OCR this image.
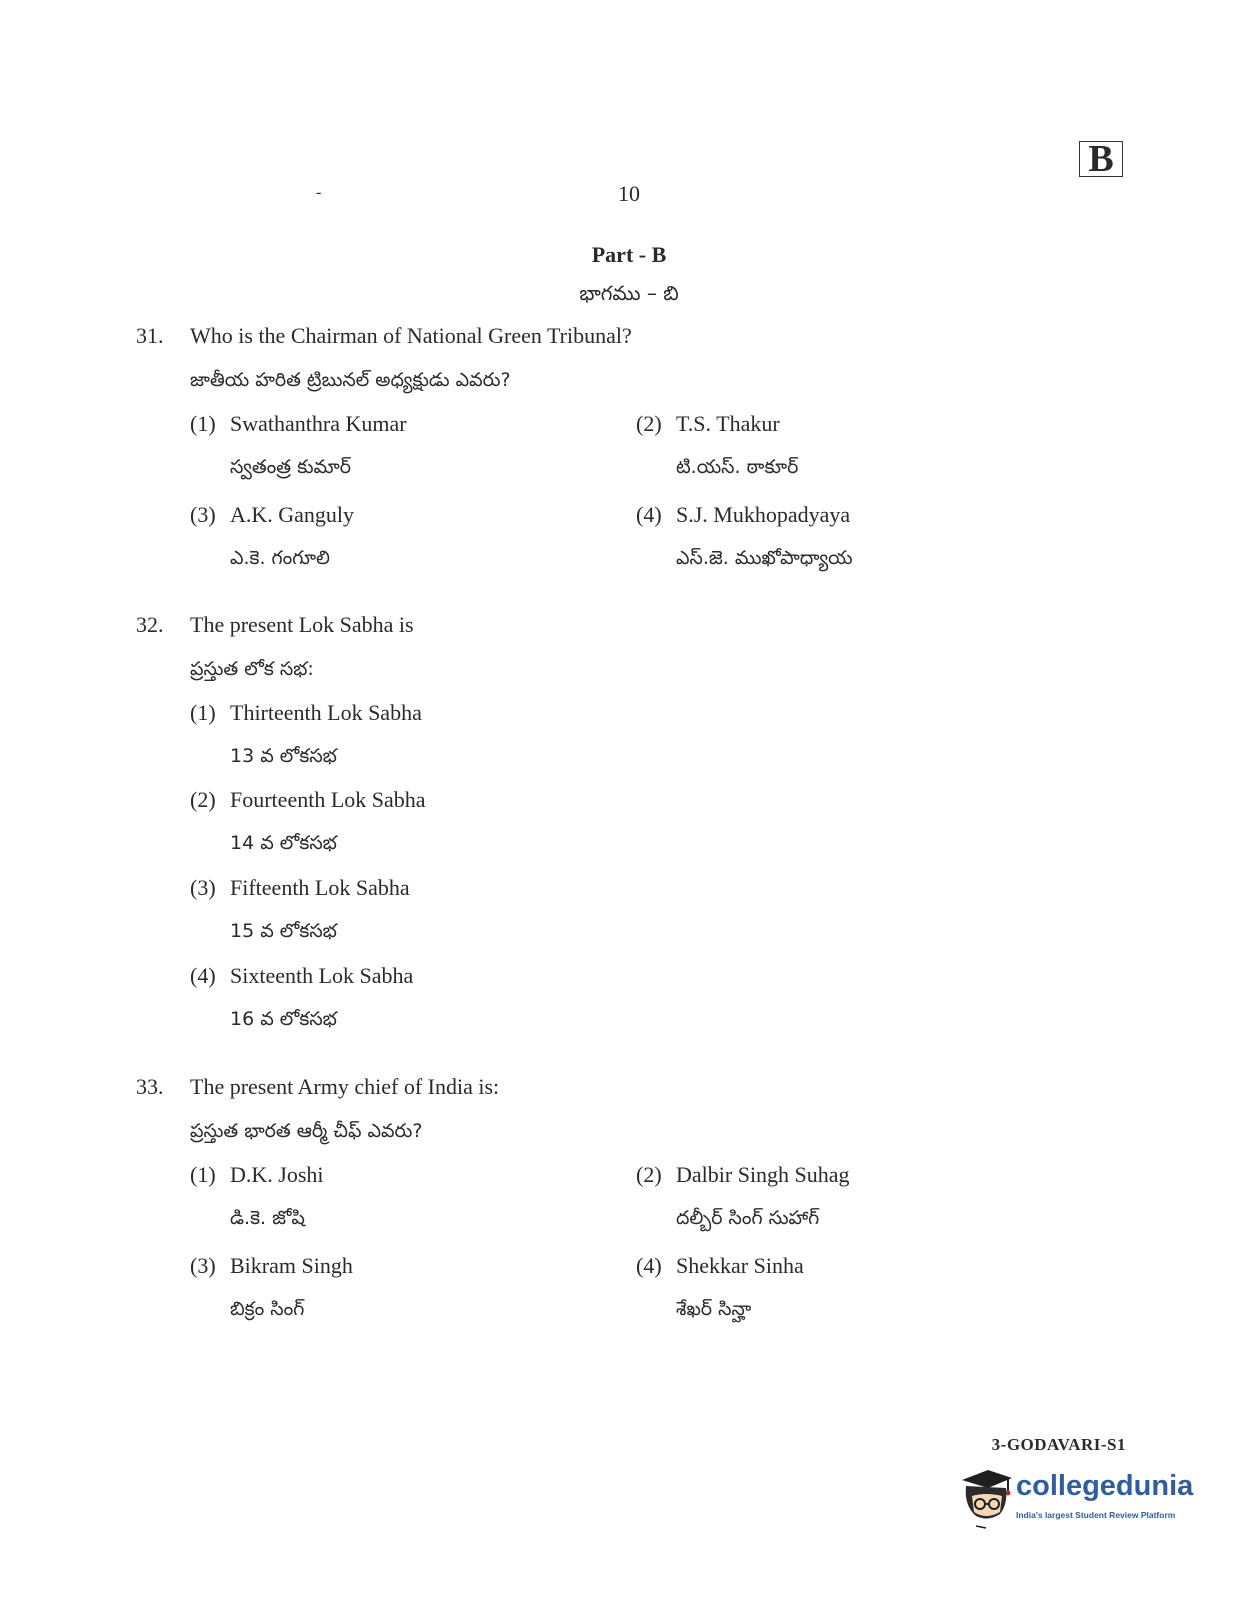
B
-	10
Part - B
భాగము – బి
31. Who is the Chairman of National Green Tribunal?
జాతీయ హరిత ట్రిబునల్ అధ్యక్షుడు ఎవరు?
(1) Swathanthra Kumar
స్వతంత్ర కుమార్
(2) T.S. Thakur
టి.యస్. ఠాకూర్
(3) A.K. Ganguly
ఎ.కె. గంగూలి
(4) S.J. Mukhopadyaya
ఎస్.జె. ముఖోపాధ్యాయ
32. The present Lok Sabha is
ప్రస్తుత లోక సభ:
(1) Thirteenth Lok Sabha
13 వ లోకసభ
(2) Fourteenth Lok Sabha
14 వ లోకసభ
(3) Fifteenth Lok Sabha
15 వ లోకసభ
(4) Sixteenth Lok Sabha
16 వ లోకసభ
33. The present Army chief of India is:
ప్రస్తుత భారత ఆర్మీ చీఫ్ ఎవరు?
(1) D.K. Joshi
డి.కె. జోషి
(2) Dalbir Singh Suhag
దల్బీర్ సింగ్ సుహాగ్
(3) Bikram Singh
బిక్రం సింగ్
(4) Shekkar Sinha
శేఖర్ సిన్హా
3-GODAVARI-S1
collegedunia
India's largest Student Review Platform
